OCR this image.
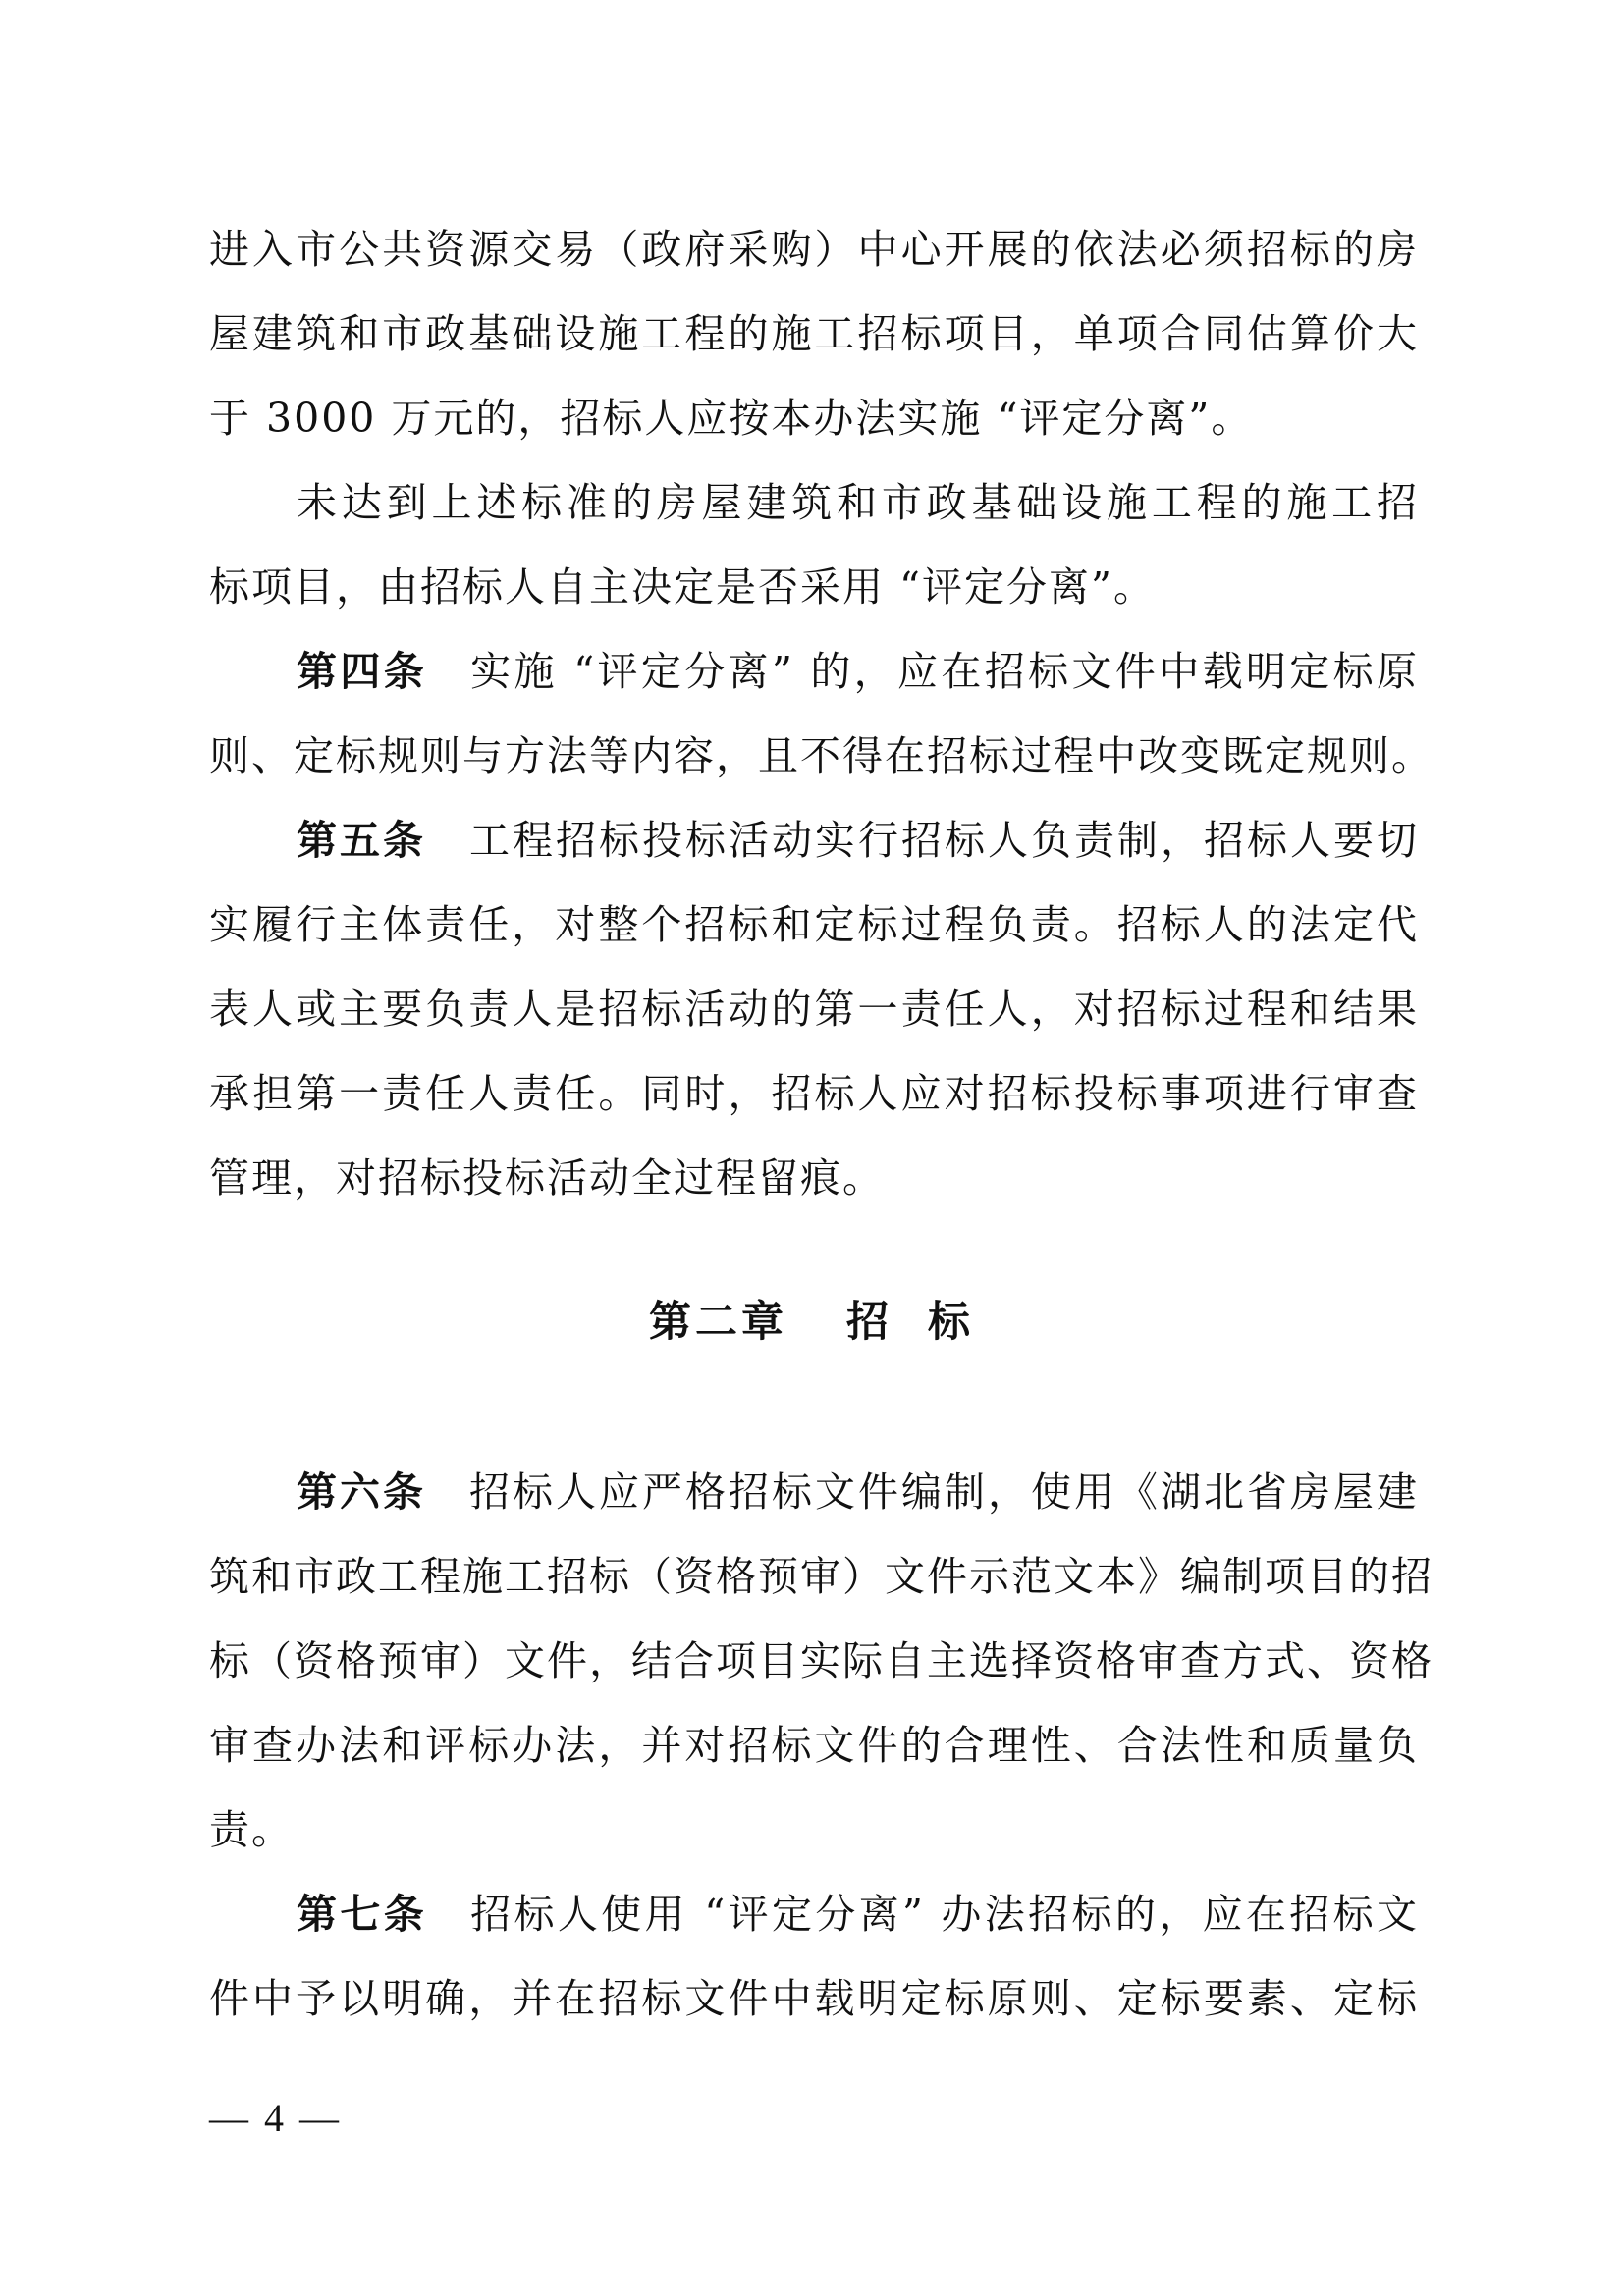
进入市公共资源交易（政府采购）中心开展的依法必须招标的房
屋建筑和市政基础设施工程的施工招标项目，单项合同估算价大
于 3000 万元的，招标人应按本办法实施 “评定分离”。
未达到上述标准的房屋建筑和市政基础设施工程的施工招
标项目，由招标人自主决定是否采用 “评定分离”。
第四条 实施 “评定分离” 的，应在招标文件中载明定标原
则、定标规则与方法等内容，且不得在招标过程中改变既定规则。
第五条 工程招标投标活动实行招标人负责制，招标人要切
实履行主体责任，对整个招标和定标过程负责。招标人的法定代
表人或主要负责人是招标活动的第一责任人，对招标过程和结果
承担第一责任人责任。同时，招标人应对招标投标事项进行审查
管理，对招标投标活动全过程留痕。
第二章 招 标
第六条 招标人应严格招标文件编制，使用《湖北省房屋建
筑和市政工程施工招标（资格预审）文件示范文本》编制项目的招
标（资格预审）文件，结合项目实际自主选择资格审查方式、资格
审查办法和评标办法，并对招标文件的合理性、合法性和质量负
责。
第七条 招标人使用 “评定分离” 办法招标的，应在招标文
件中予以明确，并在招标文件中载明定标原则、定标要素、定标
— 4 —
